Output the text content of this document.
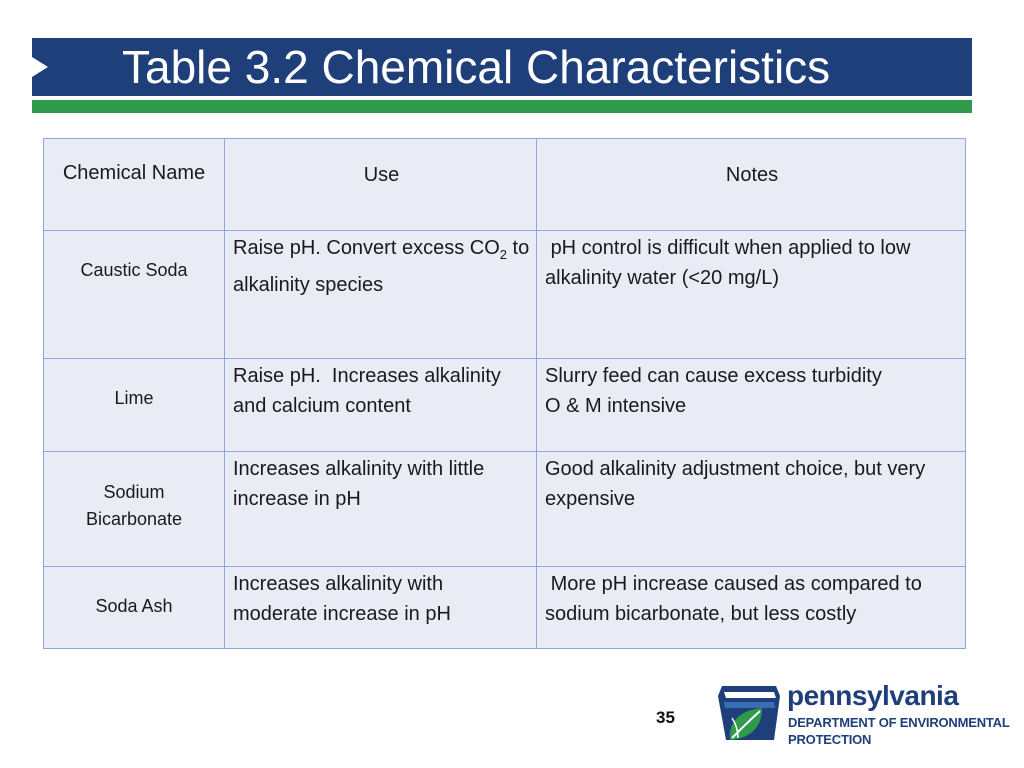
Table 3.2 Chemical Characteristics
Chemical Name	Use	Notes
Caustic Soda	Raise pH. Convert excess $CO_2$ to alkalinity species	pH control is difficult when applied to low alkalinity water (<20 mg/L)

Lime	Raise pH.  Increases alkalinity and calcium content	Slurry feed can cause excess turbidity
O & M intensive

Sodium
Bicarbonate	Increases alkalinity with little increase in pH	Good alkalinity adjustment choice, but very expensive

Soda Ash	Increases alkalinity with moderate increase in pH	More pH increase caused as compared to sodium bicarbonate, but less costly
35
pennsylvania
DEPARTMENT OF ENVIRONMENTAL
PROTECTION
